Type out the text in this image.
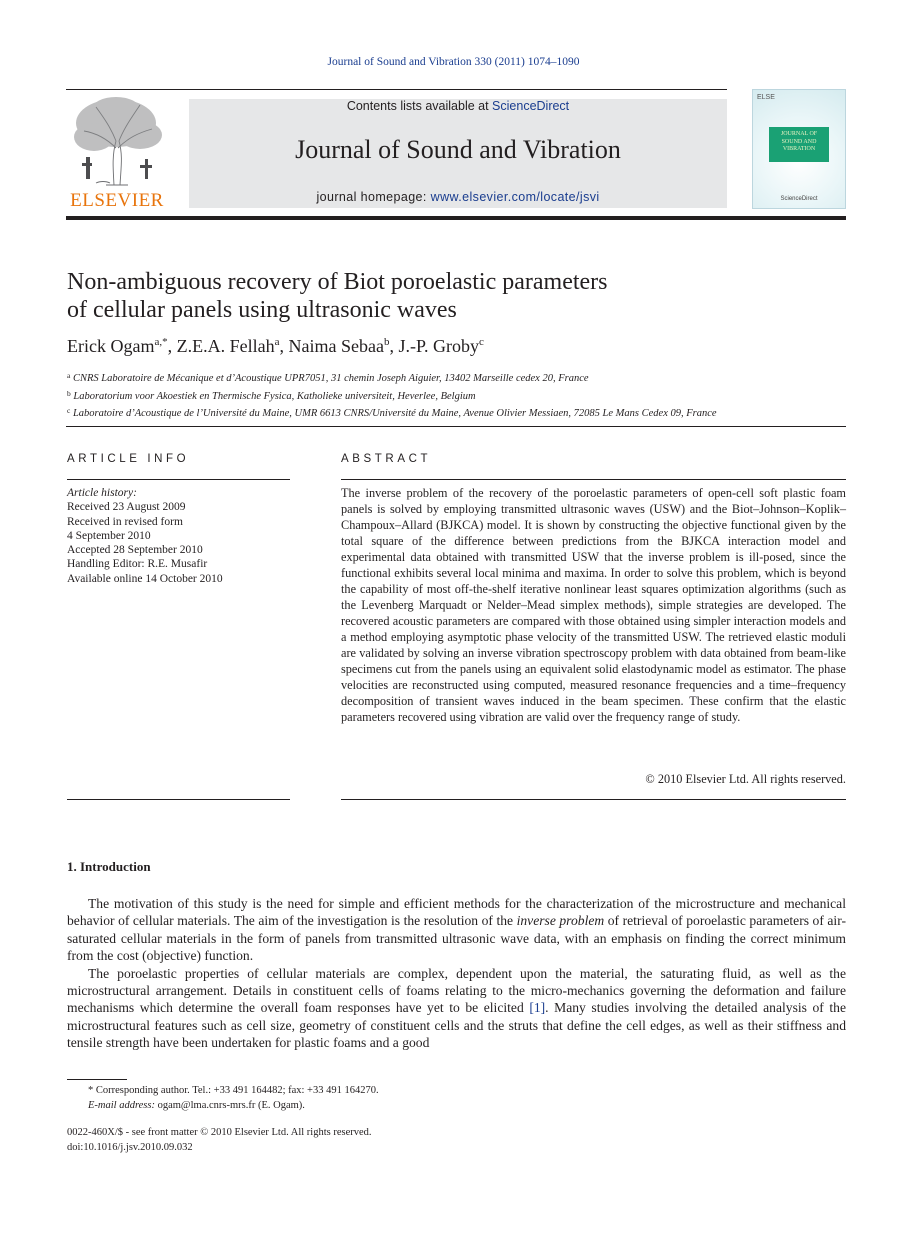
Journal of Sound and Vibration 330 (2011) 1074–1090
ELSEVIER
Contents lists available at ScienceDirect
Journal of Sound and Vibration
journal homepage: www.elsevier.com/locate/jsvi
ELSE
JOURNAL OF
SOUND AND
VIBRATION
ScienceDirect
Non-ambiguous recovery of Biot poroelastic parameters
of cellular panels using ultrasonic waves
Erick Ogam$^{a,*}$, Z.E.A. Fellah$^a$, Naima Sebaa$^b$, J.-P. Groby$^c$
$^a$ CNRS Laboratoire de Mécanique et d’Acoustique UPR7051, 31 chemin Joseph Aiguier, 13402 Marseille cedex 20, France
$^b$ Laboratorium voor Akoestiek en Thermische Fysica, Katholieke universiteit, Heverlee, Belgium
$^c$ Laboratoire d’Acoustique de l’Université du Maine, UMR 6613 CNRS/Université du Maine, Avenue Olivier Messiaen, 72085 Le Mans Cedex 09, France
ARTICLE INFO	ABSTRACT
Article history:
Received 23 August 2009
Received in revised form
4 September 2010
Accepted 28 September 2010
Handling Editor: R.E. Musafir
Available online 14 October 2010
The inverse problem of the recovery of the poroelastic parameters of open-cell soft plastic foam panels is solved by employing transmitted ultrasonic waves (USW) and the Biot–Johnson–Koplik–Champoux–Allard (BJKCA) model. It is shown by constructing the objective functional given by the total square of the difference between predictions from the BJKCA interaction model and experimental data obtained with transmitted USW that the inverse problem is ill-posed, since the functional exhibits several local minima and maxima. In order to solve this problem, which is beyond the capability of most off-the-shelf iterative nonlinear least squares optimization algorithms (such as the Levenberg Marquadt or Nelder–Mead simplex methods), simple strategies are developed. The recovered acoustic parameters are compared with those obtained using simpler interaction models and a method employing asymptotic phase velocity of the transmitted USW. The retrieved elastic moduli are validated by solving an inverse vibration spectroscopy problem with data obtained from beam-like specimens cut from the panels using an equivalent solid elastodynamic model as estimator. The phase velocities are reconstructed using computed, measured resonance frequencies and a time–frequency decomposition of transient waves induced in the beam specimen. These confirm that the elastic parameters recovered using vibration are valid over the frequency range of study.
© 2010 Elsevier Ltd. All rights reserved.
1. Introduction

The motivation of this study is the need for simple and efficient methods for the characterization of the microstructure and mechanical behavior of cellular materials. The aim of the investigation is the resolution of the inverse problem of retrieval of poroelastic parameters of air-saturated cellular materials in the form of panels from transmitted ultrasonic wave data, with an emphasis on finding the correct minimum from the cost (objective) function.

The poroelastic properties of cellular materials are complex, dependent upon the material, the saturating fluid, as well as the microstructural arrangement. Details in constituent cells of foams relating to the micro-mechanics governing the deformation and failure mechanisms which determine the overall foam responses have yet to be elicited [1]. Many studies involving the detailed analysis of the microstructural features such as cell size, geometry of constituent cells and the struts that define the cell edges, as well as their stiffness and tensile strength have been undertaken for plastic foams and a good

* Corresponding author. Tel.: +33 491 164482; fax: +33 491 164270.
E-mail address: ogam@lma.cnrs-mrs.fr (E. Ogam).
0022-460X/$ - see front matter © 2010 Elsevier Ltd. All rights reserved.
doi:10.1016/j.jsv.2010.09.032
